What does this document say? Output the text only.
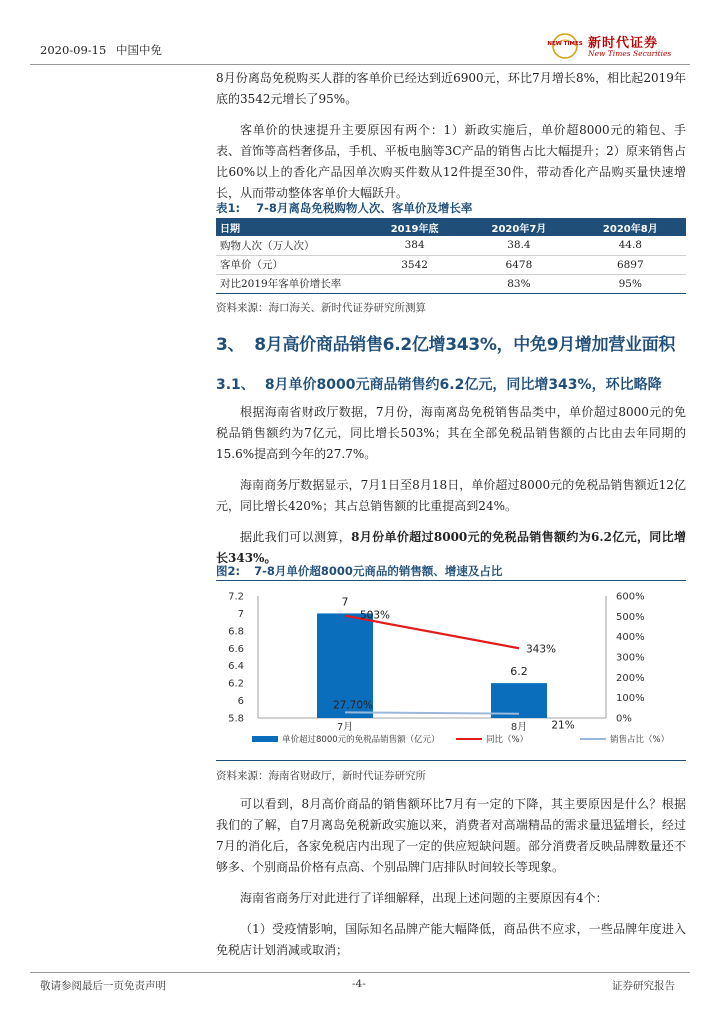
2020-09-15 中国中免	NEW TIMES 新时代证券
New Times Securities

8月份离岛免税购买人群的客单价已经达到近6900元，环比7月增长8%，相比起2019年底的3542元增长了95%。

客单价的快速提升主要原因有两个：1）新政实施后，单价超8000元的箱包、手表、首饰等高档奢侈品，手机、平板电脑等3C产品的销售占比大幅提升；2）原来销售占比60%以上的香化产品因单次购买件数从12件提至30件，带动香化产品购买量快速增长，从而带动整体客单价大幅跃升。

表1: 7-8月离岛免税购物人次、客单价及增长率
日期	2019年底	2020年7月	2020年8月
购物人次（万人次）	384	38.4	44.8
客单价（元）	3542	6478	6897
对比2019年客单价增长率		83%	95%
资料来源：海口海关、新时代证券研究所测算
3、 8月高价商品销售6.2亿增343%，中免9月增加营业面积
3.1、 8月单价8000元商品销售约6.2亿元，同比增343%，环比略降

根据海南省财政厅数据，7月份，海南离岛免税销售品类中，单价超过8000元的免税品销售额约为7亿元，同比增长503%；其在全部免税品销售额的占比由去年同期的15.6%提高到今年的27.7%。

海南商务厅数据显示，7月1日至8月18日，单价超过8000元的免税品销售额近12亿元，同比增长420%；其占总销售额的比重提高到24%。

据此我们可以测算，8月份单价超过8000元的免税品销售额约为6.2亿元，同比增长343%。

图2: 7-8月单价超8000元商品的销售额、增速及占比
7.2
7
6.8
6.6
6.4
6.2
6
5.8
600%
500%
400%
300%
200%
100%
0%
7月	8月
7
6.2
503%
343%
27.70%
21%
单价超过8000元的免税品销售额（亿元）	同比（%）	销售占比（%）
资料来源：海南省财政厅，新时代证券研究所

可以看到，8月高价商品的销售额环比7月有一定的下降，其主要原因是什么？根据我们的了解，自7月离岛免税新政实施以来，消费者对高端精品的需求量迅猛增长，经过7月的消化后，各家免税店内出现了一定的供应短缺问题。部分消费者反映品牌数量还不够多、个别商品价格有点高、个别品牌门店排队时间较长等现象。

海南省商务厅对此进行了详细解释，出现上述问题的主要原因有4个：

（1）受疫情影响，国际知名品牌产能大幅降低，商品供不应求，一些品牌年度进入免税店计划消减或取消；

敬请参阅最后一页免责声明	-4-	证券研究报告
